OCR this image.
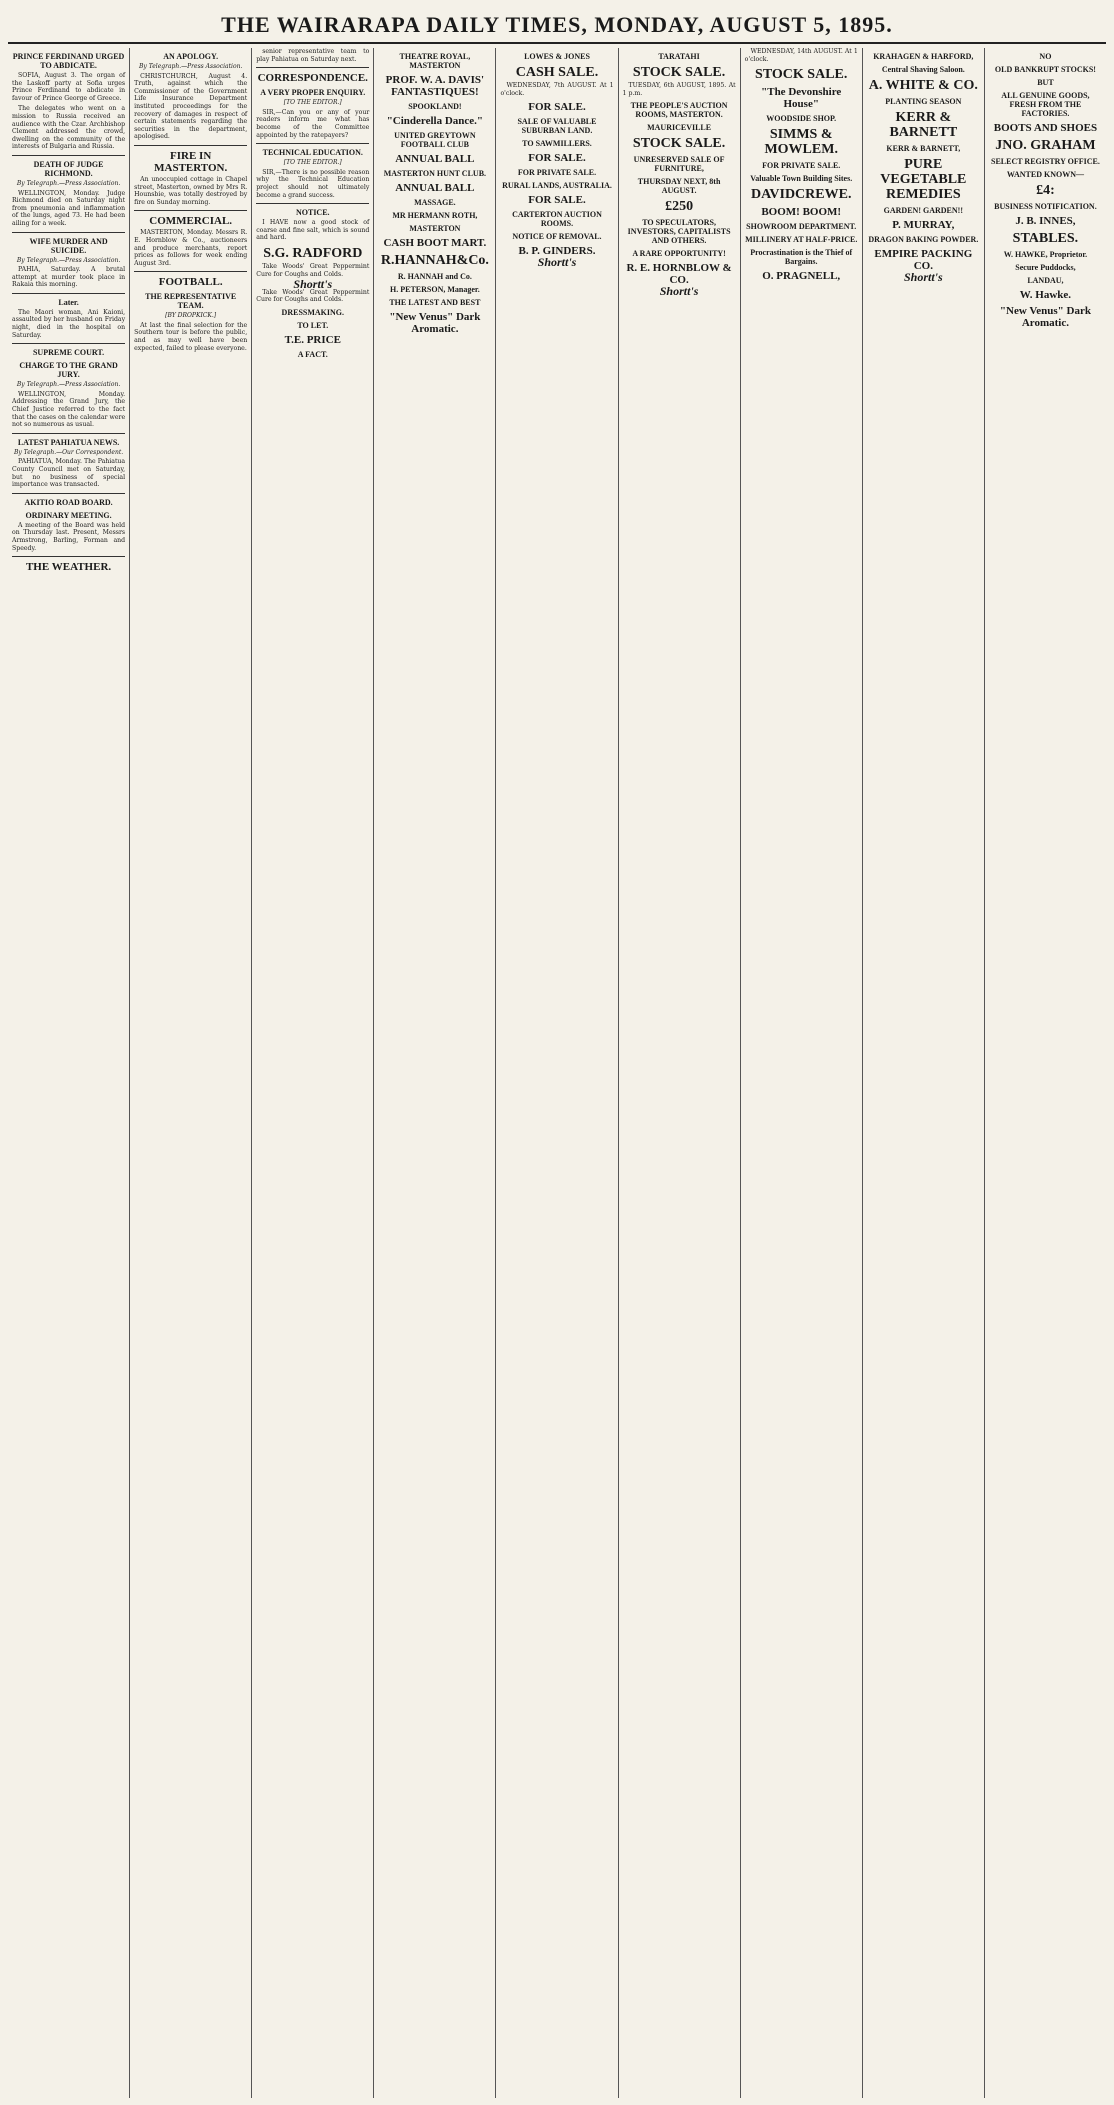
THE WAIRARAPA DAILY TIMES, MONDAY, AUGUST 5, 1895.
PRINCE FERDINAND URGED TO ABDICATE.

SOFIA, August 3. The organ of the Laskoff party at Sofia urges Prince Ferdinand to abdicate in favour of Prince George of Greece.

The delegates who went on a mission to Russia received an audience with the Czar. Archbishop Clement addressed the crowd, dwelling on the community of the interests of Bulgaria and Russia.

DEATH OF JUDGE RICHMOND.
By Telegraph.—Press Association.

WELLINGTON, Monday. Judge Richmond died on Saturday night from pneumonia and inflammation of the lungs, aged 73. He had been ailing for a week.

WIFE MURDER AND SUICIDE.
By Telegraph.—Press Association.

PAHIA, Saturday. A brutal attempt at murder took place in Rakaia this morning.

Later.

The Maori woman, Ani Kaioni, assaulted by her husband on Friday night, died in the hospital on Saturday.

SUPREME COURT.
CHARGE TO THE GRAND JURY.
By Telegraph.—Press Association.

WELLINGTON, Monday. Addressing the Grand Jury, the Chief Justice referred to the fact that the cases on the calendar were not so numerous as usual.

LATEST PAHIATUA NEWS.
By Telegraph.—Our Correspondent.

PAHIATUA, Monday. The Pahiatua County Council met on Saturday, but no business of special importance was transacted.

AKITIO ROAD BOARD.
ORDINARY MEETING.

A meeting of the Board was held on Thursday last. Present, Messrs Armstrong, Barling, Forman and Speedy.

THE WEATHER.
AN APOLOGY.
By Telegraph.—Press Association.

CHRISTCHURCH, August 4. Truth, against which the Commissioner of the Government Life Insurance Department instituted proceedings for the recovery of damages in respect of certain statements regarding the securities in the department, apologised.

FIRE IN MASTERTON.

An unoccupied cottage in Chapel street, Masterton, owned by Mrs R. Hounsbie, was totally destroyed by fire on Sunday morning.

COMMERCIAL.

MASTERTON, Monday. Messrs R. E. Hornblow & Co., auctioneers and produce merchants, report prices as follows for week ending August 3rd.

FOOTBALL.
THE REPRESENTATIVE TEAM.
[BY DROPKICK.]

At last the final selection for the Southern tour is before the public, and as may well have been expected, failed to please everyone.

senior representative team to play Pahiatua on Saturday next.

CORRESPONDENCE.
A VERY PROPER ENQUIRY.
[TO THE EDITOR.]

SIR,—Can you or any of your readers inform me what has become of the Committee appointed by the ratepayers?

TECHNICAL EDUCATION.
[TO THE EDITOR.]

SIR,—There is no possible reason why the Technical Education project should not ultimately become a grand success.

NOTICE.

I HAVE now a good stock of coarse and fine salt, which is sound and hard.

S.G. RADFORD

Take Woods' Great Peppermint Cure for Coughs and Colds.

Shortt's

Take Woods' Great Peppermint Cure for Coughs and Colds.

DRESSMAKING.
TO LET.
T.E. PRICE
A FACT.
THEATRE ROYAL, MASTERTON
PROF. W. A. DAVIS' FANTASTIQUES!
SPOOKLAND!
"Cinderella Dance."
UNITED GREYTOWN FOOTBALL CLUB
ANNUAL BALL
MASTERTON HUNT CLUB.
ANNUAL BALL
MASSAGE.
MR HERMANN ROTH,
MASTERTON
CASH BOOT MART.
R.HANNAH&Co.
R. HANNAH and Co.
H. PETERSON, Manager.
THE LATEST AND BEST
"New Venus" Dark Aromatic.
LOWES & JONES
CASH SALE.

WEDNESDAY, 7th AUGUST. At 1 o'clock.

FOR SALE.
SALE OF VALUABLE SUBURBAN LAND.
TO SAWMILLERS.
FOR SALE.
FOR PRIVATE SALE.
RURAL LANDS, AUSTRALIA.
FOR SALE.
CARTERTON AUCTION ROOMS.
NOTICE OF REMOVAL.
B. P. GINDERS.
Shortt's
TARATAHI
STOCK SALE.

TUESDAY, 6th AUGUST, 1895. At 1 p.m.

THE PEOPLE'S AUCTION ROOMS, MASTERTON.
MAURICEVILLE
STOCK SALE.
UNRESERVED SALE OF FURNITURE,
THURSDAY NEXT, 8th AUGUST.
£250
TO SPECULATORS, INVESTORS, CAPITALISTS AND OTHERS.
A RARE OPPORTUNITY!
R. E. HORNBLOW & CO.
Shortt's

WEDNESDAY, 14th AUGUST. At 1 o'clock.

STOCK SALE.
"The Devonshire House"
WOODSIDE SHOP.
SIMMS & MOWLEM.
FOR PRIVATE SALE.
Valuable Town Building Sites.
DAVIDCREWE.
BOOM! BOOM!
SHOWROOM DEPARTMENT.
MILLINERY AT HALF-PRICE.
Procrastination is the Thief of Bargains.
O. PRAGNELL,
KRAHAGEN & HARFORD,
Central Shaving Saloon.
A. WHITE & CO.
PLANTING SEASON
KERR & BARNETT
KERR & BARNETT,
PURE VEGETABLE REMEDIES
GARDEN! GARDEN!!
P. MURRAY,
DRAGON BAKING POWDER.
EMPIRE PACKING CO.
Shortt's
NO
OLD BANKRUPT STOCKS!
BUT
ALL GENUINE GOODS, FRESH FROM THE FACTORIES.
BOOTS AND SHOES
JNO. GRAHAM
SELECT REGISTRY OFFICE.
WANTED KNOWN—
£4:
BUSINESS NOTIFICATION.
J. B. INNES,
STABLES.
W. HAWKE, Proprietor.
Secure Puddocks,
LANDAU,
W. Hawke.
"New Venus" Dark Aromatic.
